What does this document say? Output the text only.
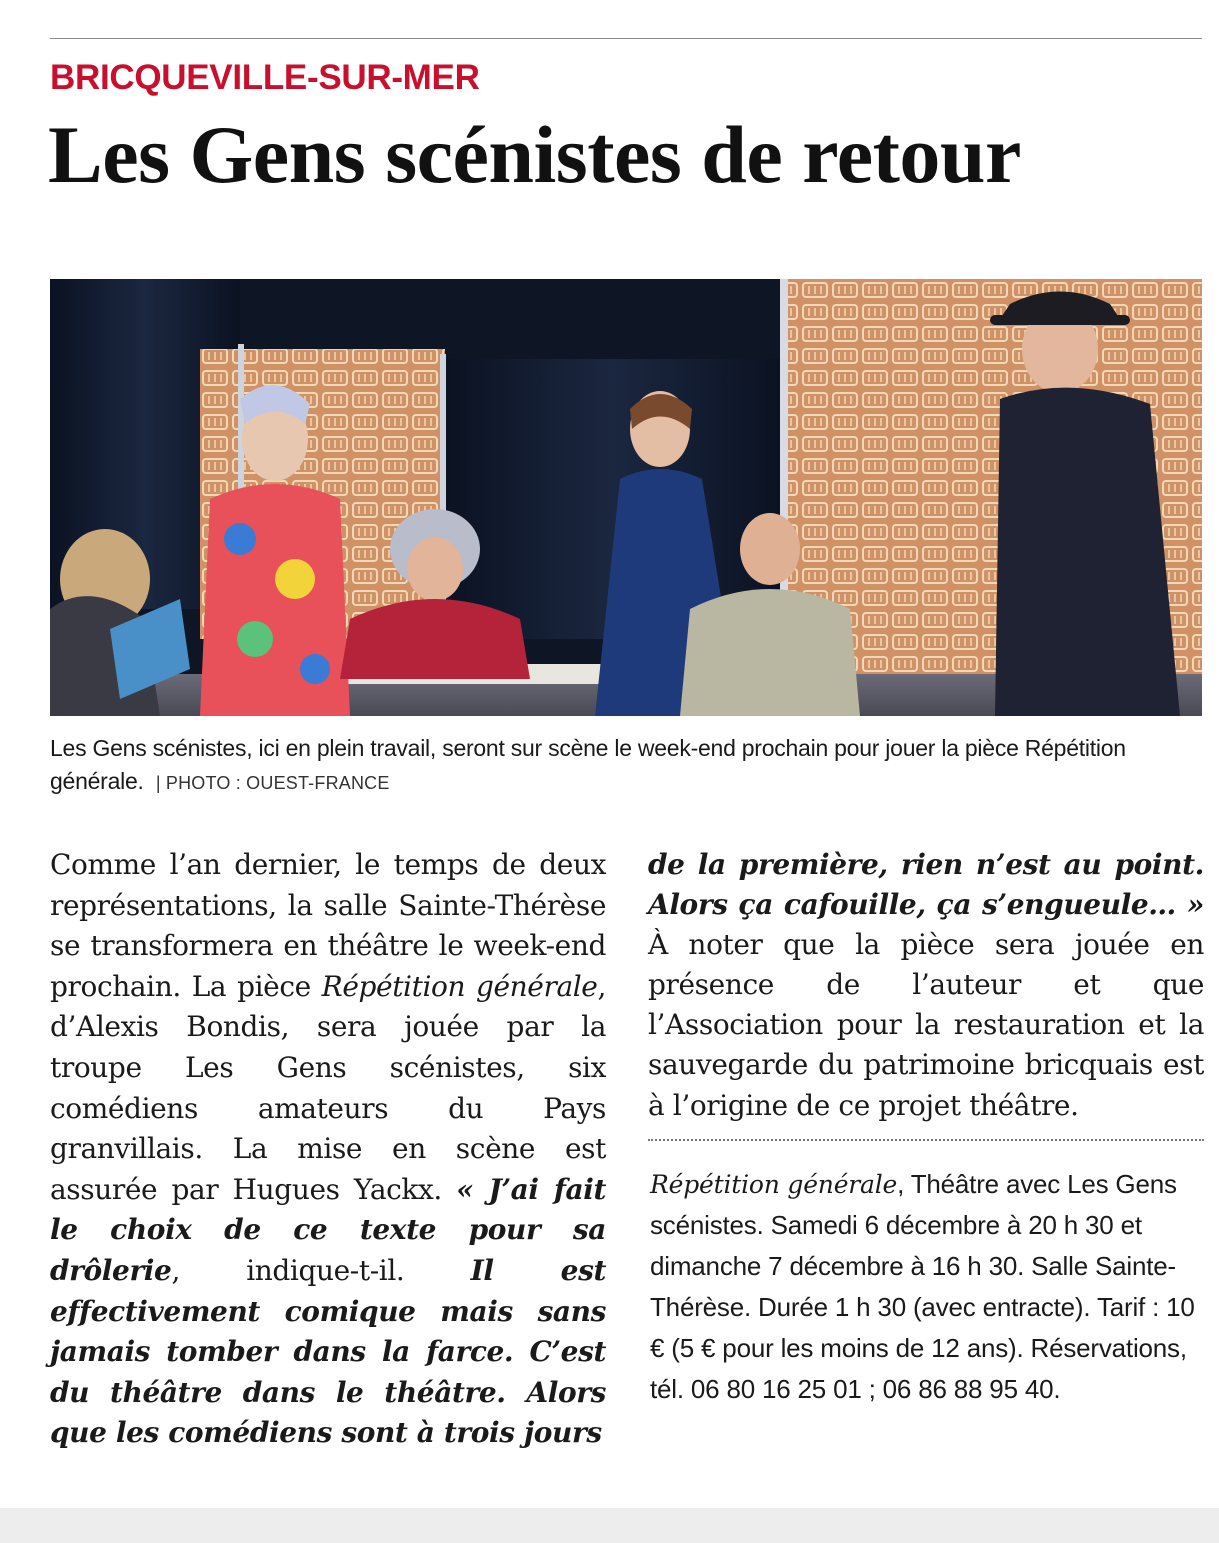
BRICQUEVILLE-SUR-MER
Les Gens scénistes de retour
Les Gens scénistes, ici en plein travail, seront sur scène le week-end prochain pour jouer la pièce Répétition générale. | PHOTO : OUEST-FRANCE

Comme l’an dernier, le temps de deux représentations, la salle Sainte-Thérèse se transformera en théâtre le week-end prochain. La pièce Répétition générale, d’Alexis Bondis, sera jouée par la troupe Les Gens scénistes, six comédiens amateurs du Pays granvillais. La mise en scène est assurée par Hugues Yackx. « J’ai fait le choix de ce texte pour sa drôlerie, indique-t-il. Il est effectivement comique mais sans jamais tomber dans la farce. C’est du théâtre dans le théâtre. Alors que les comédiens sont à trois jours

Répétition générale, Théâtre avec Les Gens scénistes. Samedi 6 décembre à 20 h 30 et dimanche 7 décembre à 16 h 30. Salle Sainte-Thérèse. Durée 1 h 30 (avec entracte). Tarif : 10 € (5 € pour les moins de 12 ans). Réservations, tél. 06 80 16 25 01 ; 06 86 88 95 40.

de la première, rien n’est au point. Alors ça cafouille, ça s’engueule… » À noter que la pièce sera jouée en présence de l’auteur et que l’Association pour la restauration et la sauvegarde du patrimoine bricquais est à l’origine de ce projet théâtre.
